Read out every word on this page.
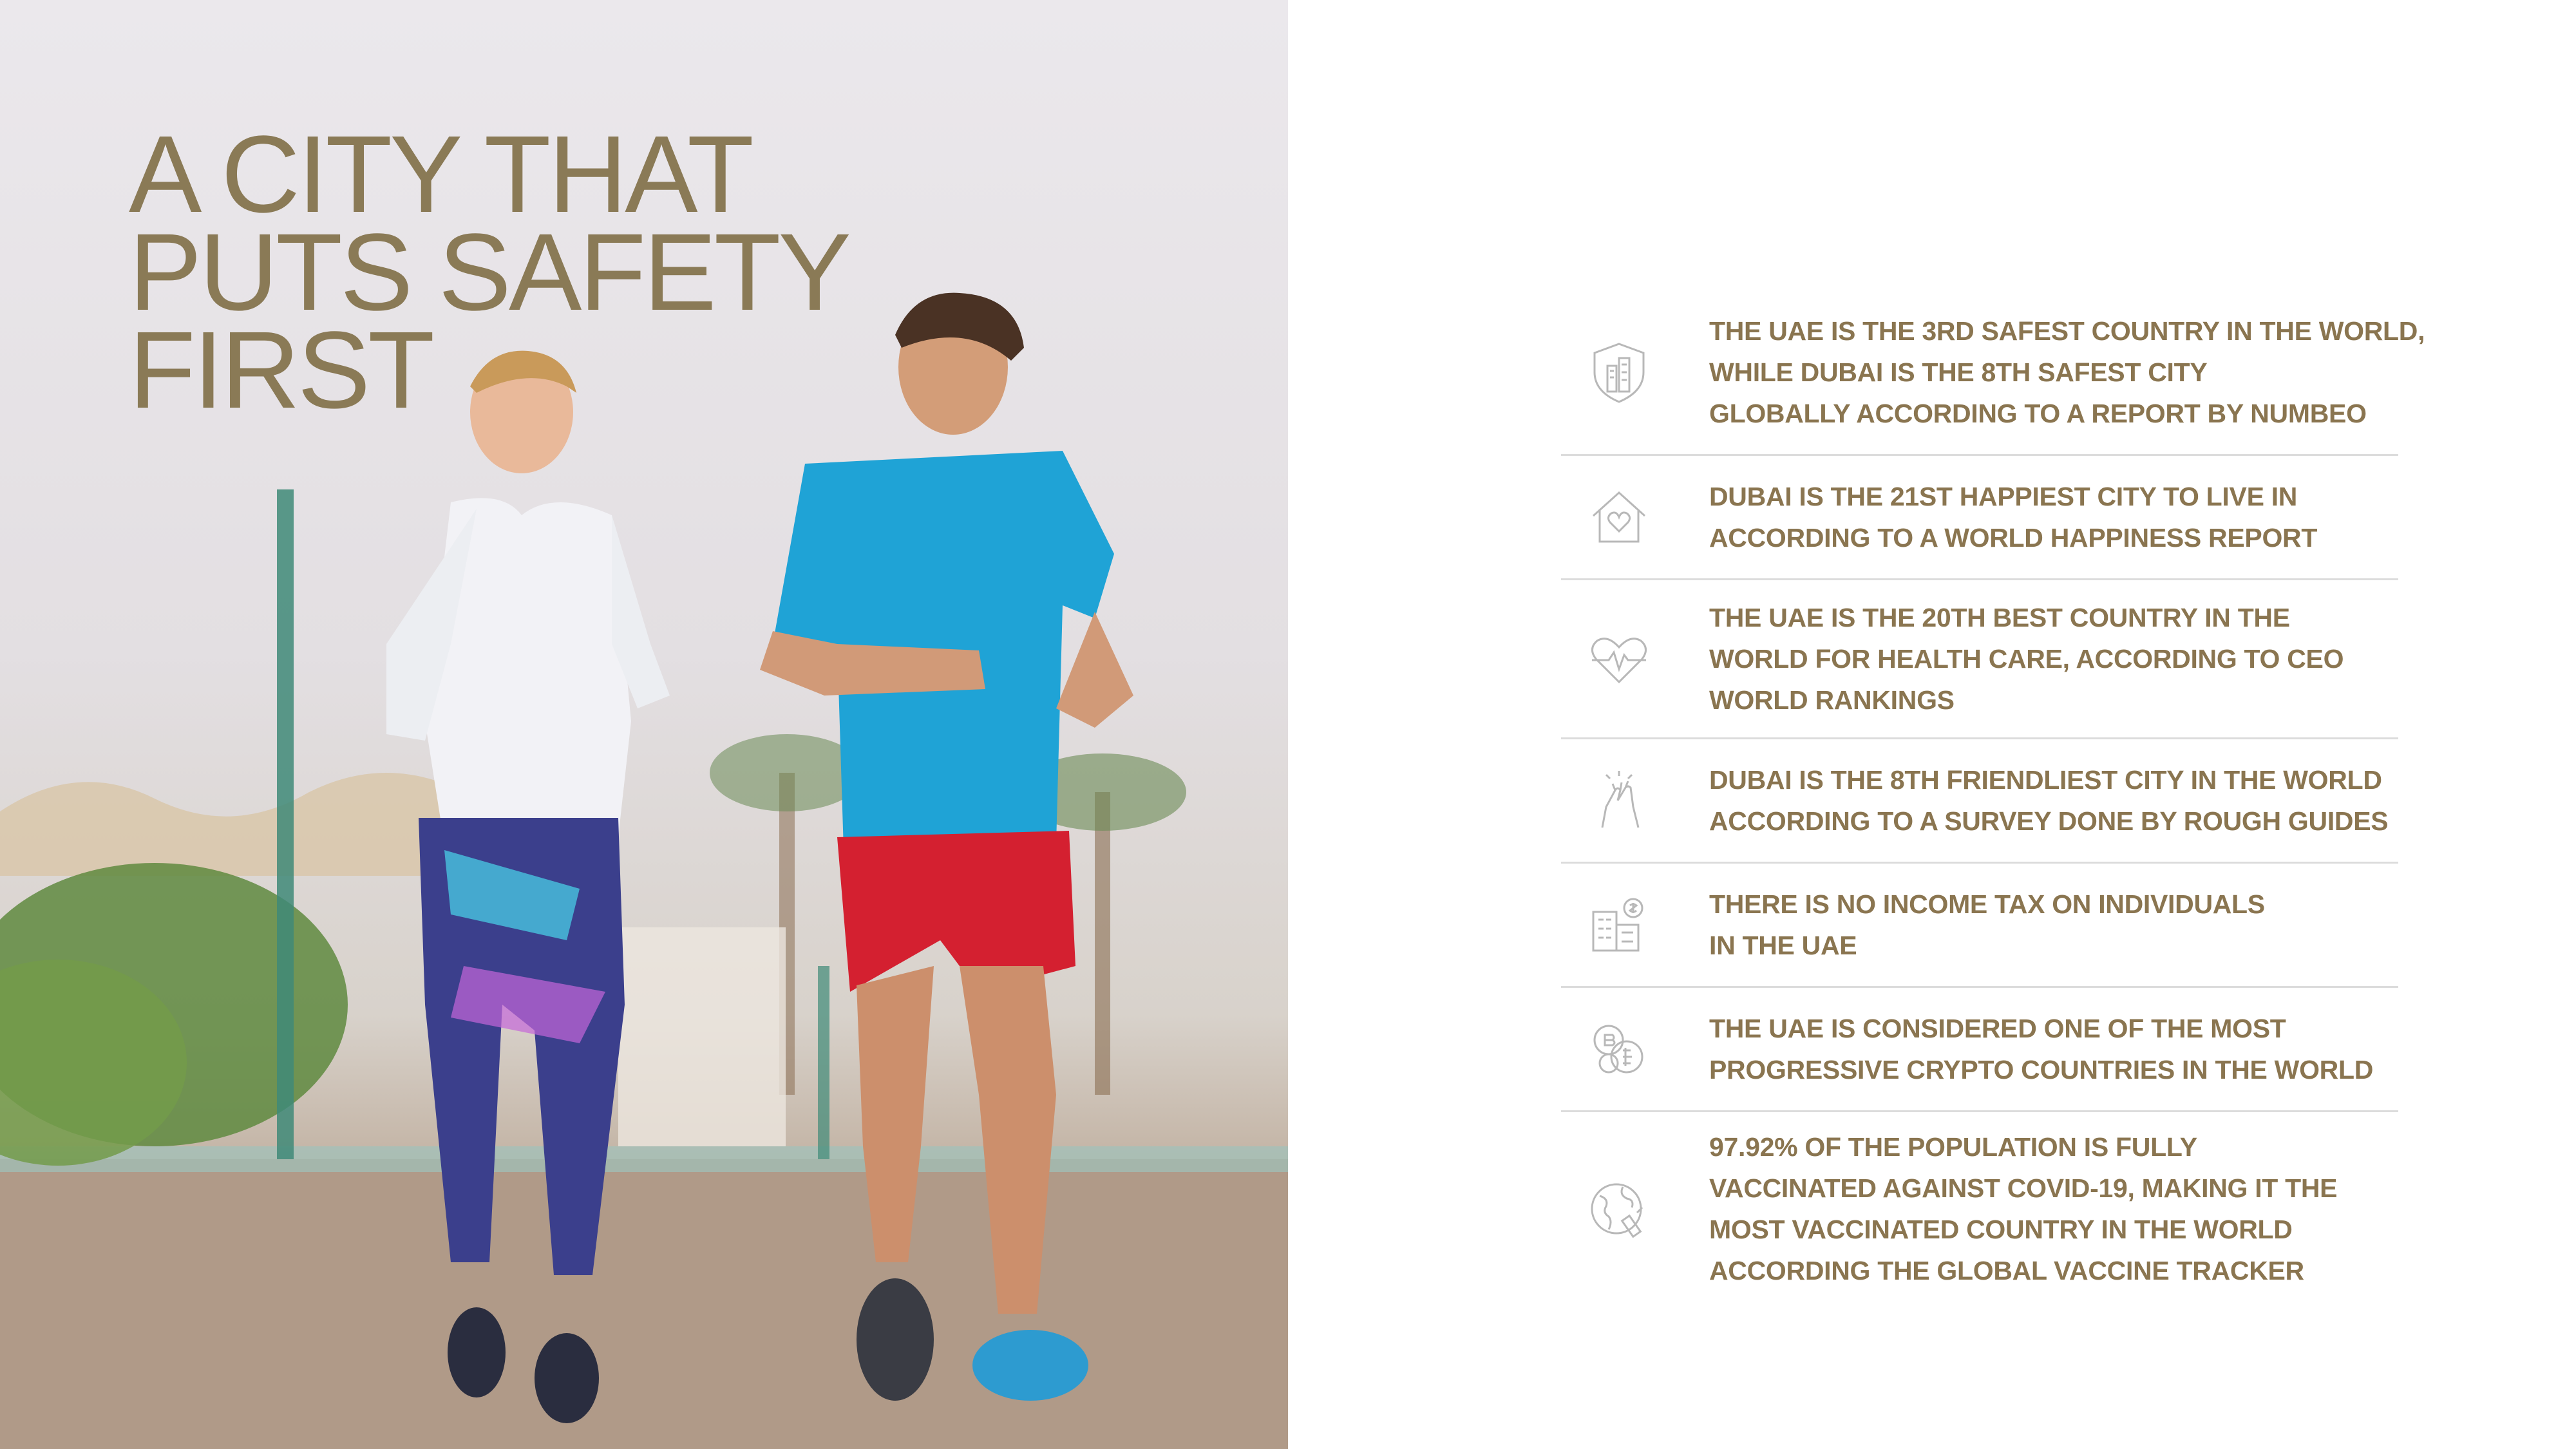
A CITY THAT
PUTS SAFETY
FIRST	THE UAE IS THE 3RD SAFEST COUNTRY IN THE WORLD,
WHILE DUBAI IS THE 8TH SAFEST CITY
GLOBALLY ACCORDING TO A REPORT BY NUMBEO
DUBAI IS THE 21ST HAPPIEST CITY TO LIVE IN
ACCORDING TO A WORLD HAPPINESS REPORT
THE UAE IS THE 20TH BEST COUNTRY IN THE
WORLD FOR HEALTH CARE, ACCORDING TO CEO
WORLD RANKINGS
DUBAI IS THE 8TH FRIENDLIEST CITY IN THE WORLD
ACCORDING TO A SURVEY DONE BY ROUGH GUIDES
THERE IS NO INCOME TAX ON INDIVIDUALS
IN THE UAE
THE UAE IS CONSIDERED ONE OF THE MOST
PROGRESSIVE CRYPTO COUNTRIES IN THE WORLD
97.92% OF THE POPULATION IS FULLY
VACCINATED AGAINST COVID-19, MAKING IT THE
MOST VACCINATED COUNTRY IN THE WORLD
ACCORDING THE GLOBAL VACCINE TRACKER
